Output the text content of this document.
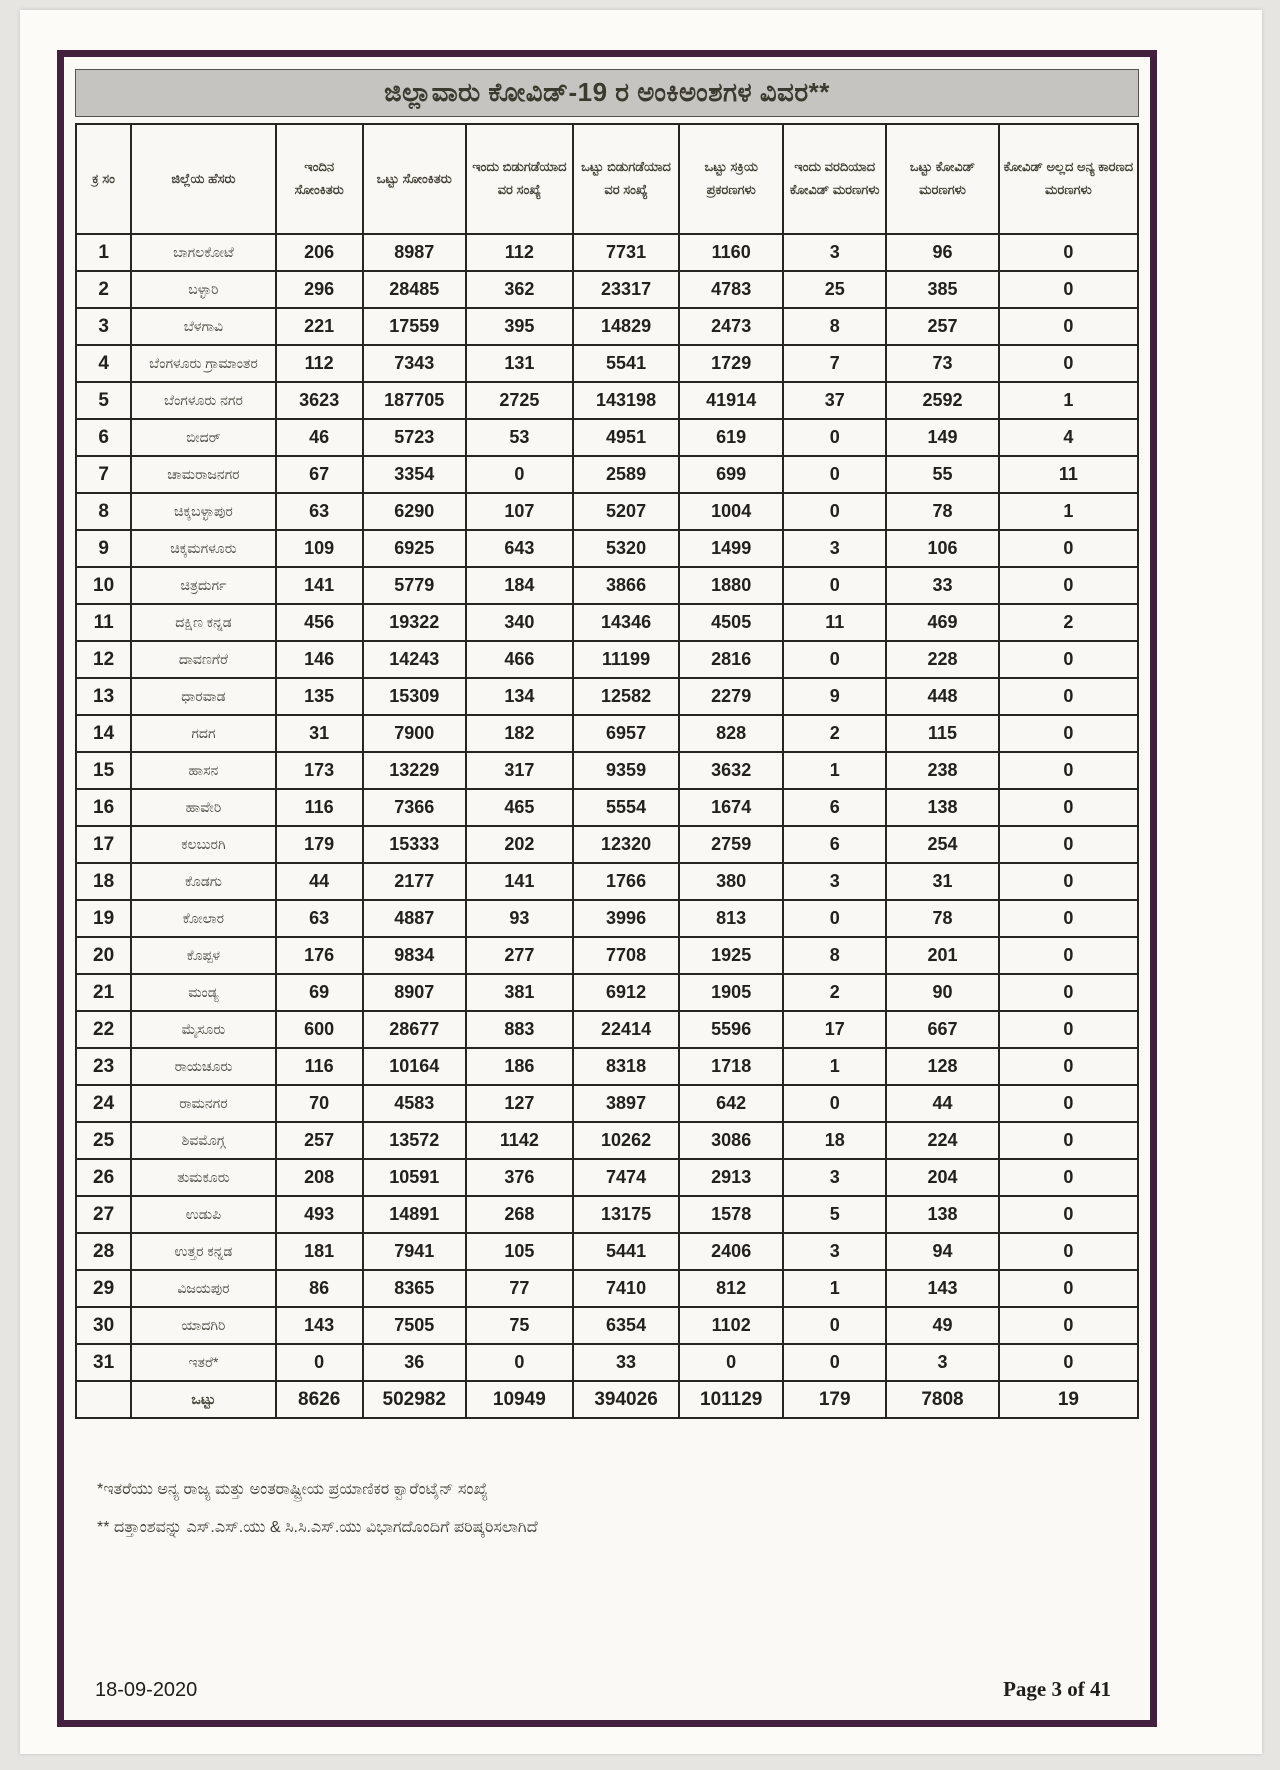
ಜಿಲ್ಲಾವಾರು ಕೋವಿಡ್-19 ರ ಅಂಕಿಅಂಶಗಳ ವಿವರ**
ಕ್ರ ಸಂ	ಜಿಲ್ಲೆಯ ಹೆಸರು	ಇಂದಿನ ಸೋಂಕಿತರು	ಒಟ್ಟು ಸೋಂಕಿತರು	ಇಂದು ಬಿಡುಗಡೆಯಾದ ವರ ಸಂಖ್ಯೆ	ಒಟ್ಟು ಬಿಡುಗಡೆಯಾದ ವರ ಸಂಖ್ಯೆ	ಒಟ್ಟು ಸಕ್ರಿಯ ಪ್ರಕರಣಗಳು	ಇಂದು ವರದಿಯಾದ ಕೋವಿಡ್ ಮರಣಗಳು	ಒಟ್ಟು ಕೋವಿಡ್ ಮರಣಗಳು	ಕೋವಿಡ್ ಅಲ್ಲದ ಅನ್ಯ ಕಾರಣದ ಮರಣಗಳು
1	ಬಾಗಲಕೋಟೆ	206	8987	112	7731	1160	3	96	0
2	ಬಳ್ಳಾರಿ	296	28485	362	23317	4783	25	385	0
3	ಬೆಳಗಾವಿ	221	17559	395	14829	2473	8	257	0
4	ಬೆಂಗಳೂರು ಗ್ರಾಮಾಂತರ	112	7343	131	5541	1729	7	73	0
5	ಬೆಂಗಳೂರು ನಗರ	3623	187705	2725	143198	41914	37	2592	1
6	ಬೀದರ್	46	5723	53	4951	619	0	149	4
7	ಚಾಮರಾಜನಗರ	67	3354	0	2589	699	0	55	11
8	ಚಿಕ್ಕಬಳ್ಳಾಪುರ	63	6290	107	5207	1004	0	78	1
9	ಚಿಕ್ಕಮಗಳೂರು	109	6925	643	5320	1499	3	106	0
10	ಚಿತ್ರದುರ್ಗ	141	5779	184	3866	1880	0	33	0
11	ದಕ್ಷಿಣ ಕನ್ನಡ	456	19322	340	14346	4505	11	469	2
12	ದಾವಣಗೆರೆ	146	14243	466	11199	2816	0	228	0
13	ಧಾರವಾಡ	135	15309	134	12582	2279	9	448	0
14	ಗದಗ	31	7900	182	6957	828	2	115	0
15	ಹಾಸನ	173	13229	317	9359	3632	1	238	0
16	ಹಾವೇರಿ	116	7366	465	5554	1674	6	138	0
17	ಕಲಬುರಗಿ	179	15333	202	12320	2759	6	254	0
18	ಕೊಡಗು	44	2177	141	1766	380	3	31	0
19	ಕೋಲಾರ	63	4887	93	3996	813	0	78	0
20	ಕೊಪ್ಪಳ	176	9834	277	7708	1925	8	201	0
21	ಮಂಡ್ಯ	69	8907	381	6912	1905	2	90	0
22	ಮೈಸೂರು	600	28677	883	22414	5596	17	667	0
23	ರಾಯಚೂರು	116	10164	186	8318	1718	1	128	0
24	ರಾಮನಗರ	70	4583	127	3897	642	0	44	0
25	ಶಿವಮೊಗ್ಗ	257	13572	1142	10262	3086	18	224	0
26	ತುಮಕೂರು	208	10591	376	7474	2913	3	204	0
27	ಉಡುಪಿ	493	14891	268	13175	1578	5	138	0
28	ಉತ್ತರ ಕನ್ನಡ	181	7941	105	5441	2406	3	94	0
29	ವಿಜಯಪುರ	86	8365	77	7410	812	1	143	0
30	ಯಾದಗಿರಿ	143	7505	75	6354	1102	0	49	0
31	ಇತರೆ*	0	36	0	33	0	0	3	0
	ಒಟ್ಟು	8626	502982	10949	394026	101129	179	7808	19
*ಇತರೆಯು ಅನ್ಯ ರಾಜ್ಯ ಮತ್ತು ಅಂತರಾಷ್ಟ್ರೀಯ ಪ್ರಯಾಣಿಕರ ಕ್ವಾರೆಂಟೈನ್ ಸಂಖ್ಯೆ
** ದತ್ತಾಂಶವನ್ನು ಎಸ್.ಎಸ್.ಯು & ಸಿ.ಸಿ.ಎಸ್.ಯು ವಿಭಾಗದೊಂದಿಗೆ ಪರಿಷ್ಕರಿಸಲಾಗಿದೆ
18-09-2020	Page 3 of 41
